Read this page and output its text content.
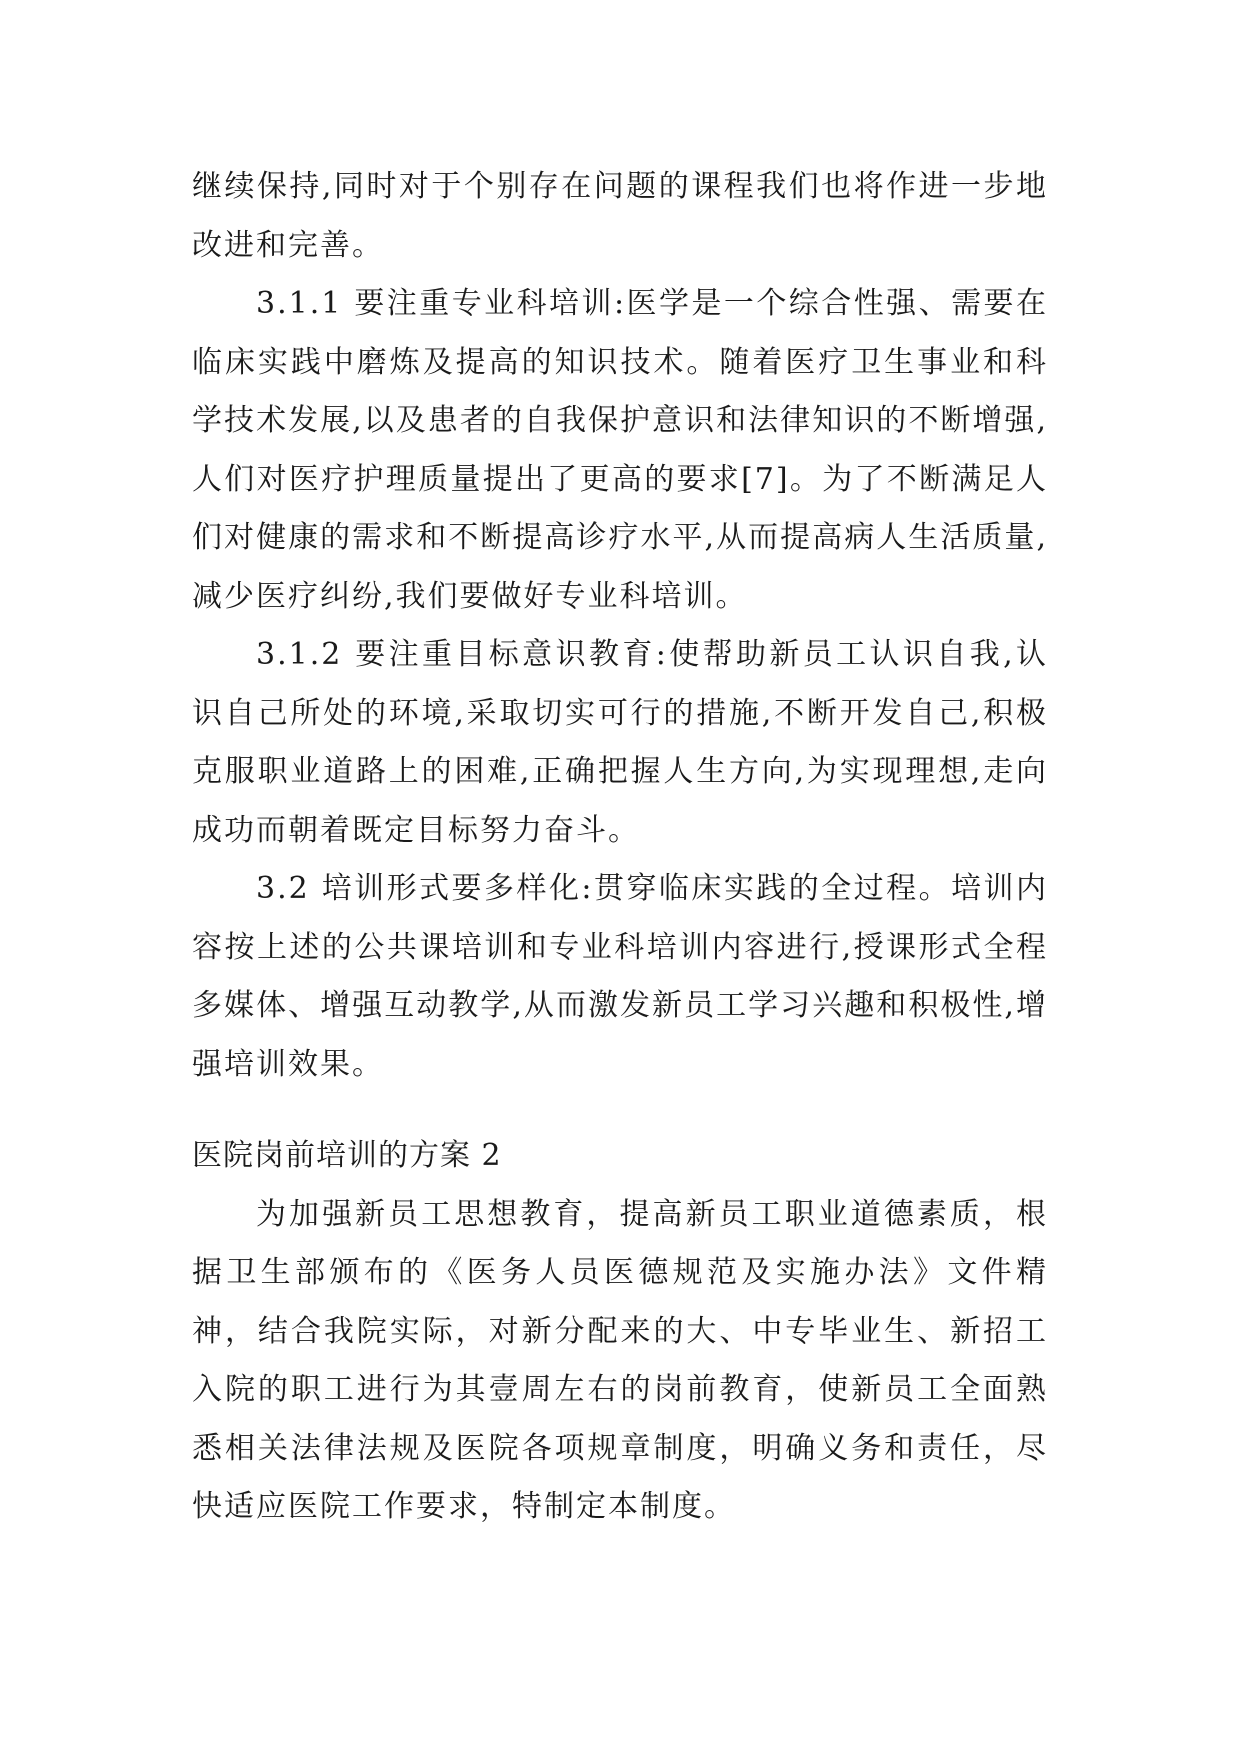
继续保持,同时对于个别存在问题的课程我们也将作进一步地改进和完善。

3.1.1 要注重专业科培训:医学是一个综合性强、需要在临床实践中磨炼及提高的知识技术。随着医疗卫生事业和科学技术发展,以及患者的自我保护意识和法律知识的不断增强,人们对医疗护理质量提出了更高的要求[7]。为了不断满足人们对健康的需求和不断提高诊疗水平,从而提高病人生活质量,减少医疗纠纷,我们要做好专业科培训。

3.1.2 要注重目标意识教育:使帮助新员工认识自我,认识自己所处的环境,采取切实可行的措施,不断开发自己,积极克服职业道路上的困难,正确把握人生方向,为实现理想,走向成功而朝着既定目标努力奋斗。

3.2 培训形式要多样化:贯穿临床实践的全过程。培训内容按上述的公共课培训和专业科培训内容进行,授课形式全程多媒体、增强互动教学,从而激发新员工学习兴趣和积极性,增强培训效果。

医院岗前培训的方案 2

为加强新员工思想教育，提高新员工职业道德素质，根据卫生部颁布的《医务人员医德规范及实施办法》文件精神，结合我院实际，对新分配来的大、中专毕业生、新招工入院的职工进行为其壹周左右的岗前教育，使新员工全面熟悉相关法律法规及医院各项规章制度，明确义务和责任，尽快适应医院工作要求，特制定本制度。
